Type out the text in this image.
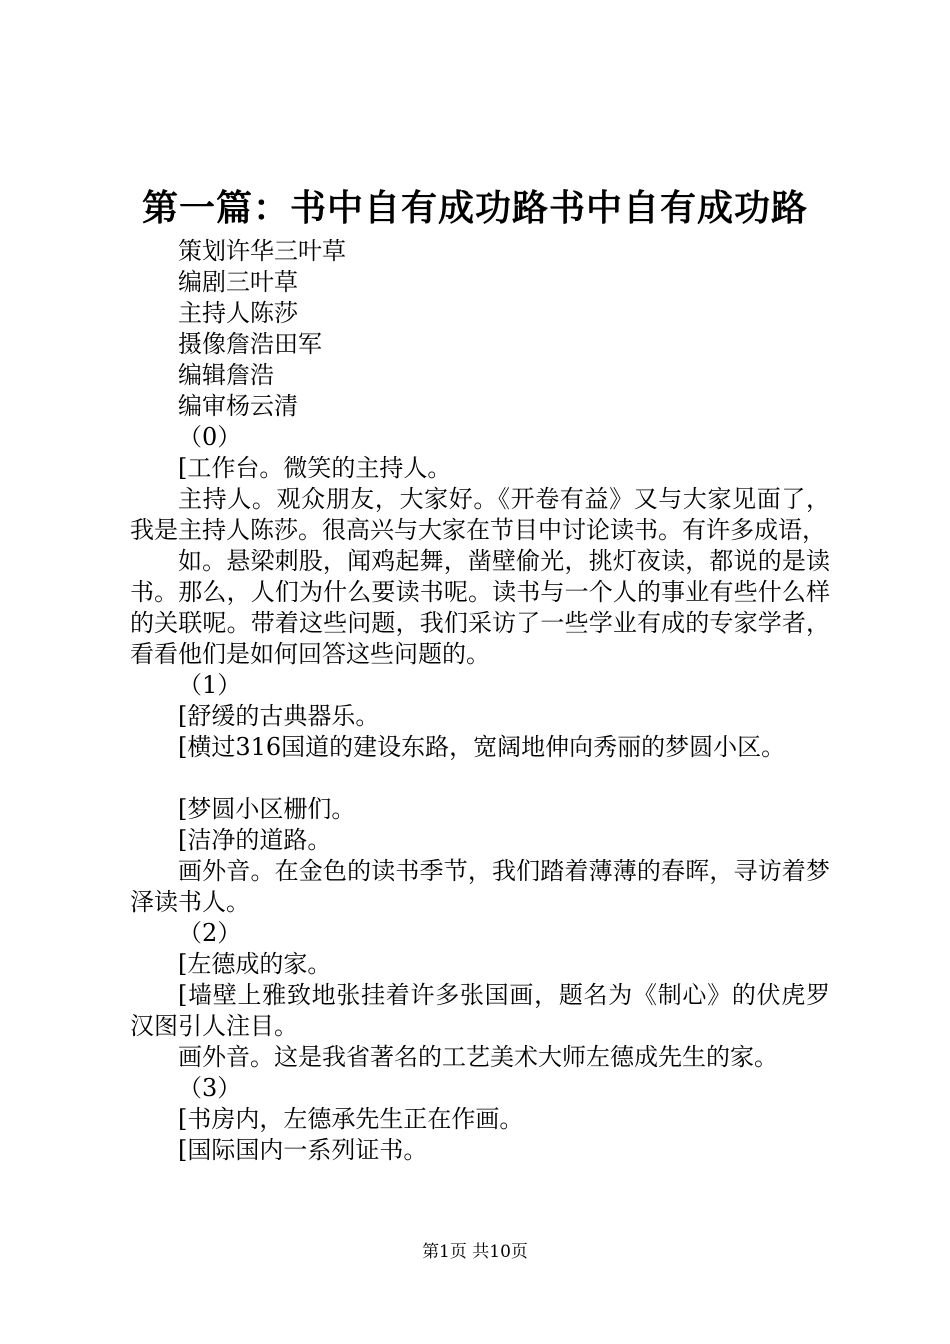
第一篇：书中自有成功路书中自有成功路

策划许华三叶草

编剧三叶草

主持人陈莎

摄像詹浩田军

编辑詹浩

编审杨云清

（0）

[工作台。微笑的主持人。

主持人。观众朋友，大家好。《开卷有益》又与大家见面了，我是主持人陈莎。很高兴与大家在节目中讨论读书。有许多成语，

如。悬梁刺股，闻鸡起舞，凿壁偷光，挑灯夜读，都说的是读书。那么，人们为什么要读书呢。读书与一个人的事业有些什么样的关联呢。带着这些问题，我们采访了一些学业有成的专家学者，看看他们是如何回答这些问题的。

（1）

[舒缓的古典器乐。

[横过316国道的建设东路，宽阔地伸向秀丽的梦圆小区。

[梦圆小区栅们。

[洁净的道路。

画外音。在金色的读书季节，我们踏着薄薄的春晖，寻访着梦泽读书人。

（2）

[左德成的家。

[墙壁上雅致地张挂着许多张国画，题名为《制心》的伏虎罗汉图引人注目。

画外音。这是我省著名的工艺美术大师左德成先生的家。

（3）

[书房内，左德承先生正在作画。

[国际国内一系列证书。

第1页 共10页
